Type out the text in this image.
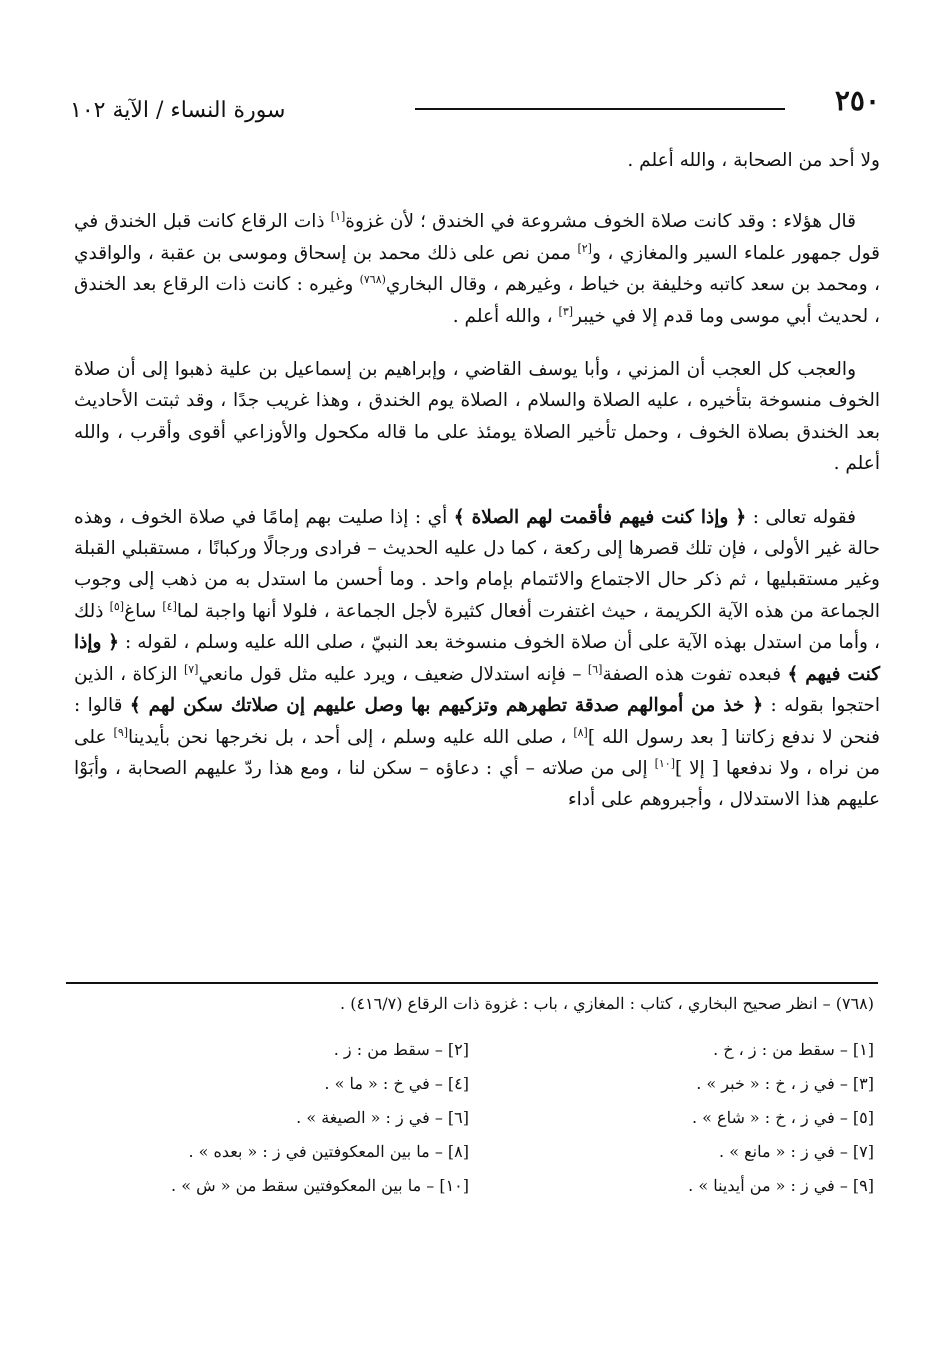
٢٥٠
سورة النساء / الآية ١٠٢

ولا أحد من الصحابة ، والله أعلم .

قال هؤلاء : وقد كانت صلاة الخوف مشروعة في الخندق ؛ لأن غزوة[١] ذات الرقاع كانت قبل الخندق في قول جمهور علماء السير والمغازي ، و[٢] ممن نص على ذلك محمد بن إسحاق وموسى بن عقبة ، والواقدي ، ومحمد بن سعد كاتبه وخليفة بن خياط ، وغيرهم ، وقال البخاري$^{(٧٦٨)}$ وغيره : كانت ذات الرقاع بعد الخندق ، لحديث أبي موسى وما قدم إلا في خيبر[٣] ، والله أعلم .

والعجب كل العجب أن المزني ، وأبا يوسف القاضي ، وإبراهيم بن إسماعيل بن علية ذهبوا إلى أن صلاة الخوف منسوخة بتأخيره ، عليه الصلاة والسلام ، الصلاة يوم الخندق ، وهذا غريب جدًا ، وقد ثبتت الأحاديث بعد الخندق بصلاة الخوف ، وحمل تأخير الصلاة يومئذ على ما قاله مكحول والأوزاعي أقوى وأقرب ، والله أعلم .

فقوله تعالى : ﴿ وإذا كنت فيهم فأقمت لهم الصلاة ﴾ أي : إذا صليت بهم إمامًا في صلاة الخوف ، وهذه حالة غير الأولى ، فإن تلك قصرها إلى ركعة ، كما دل عليه الحديث – فرادى ورجالًا وركبانًا ، مستقبلي القبلة وغير مستقبليها ، ثم ذكر حال الاجتماع والائتمام بإمام واحد . وما أحسن ما استدل به من ذهب إلى وجوب الجماعة من هذه الآية الكريمة ، حيث اغتفرت أفعال كثيرة لأجل الجماعة ، فلولا أنها واجبة لما[٤] ساغ[٥] ذلك ، وأما من استدل بهذه الآية على أن صلاة الخوف منسوخة بعد النبيّ ، صلى الله عليه وسلم ، لقوله : ﴿ وإذا كنت فيهم ﴾ فبعده تفوت هذه الصفة[٦] – فإنه استدلال ضعيف ، ويرد عليه مثل قول مانعي[٧] الزكاة ، الذين احتجوا بقوله : ﴿ خذ من أموالهم صدقة تطهرهم وتزكيهم بها وصل عليهم إن صلاتك سكن لهم ﴾ قالوا : فنحن لا ندفع زكاتنا [ بعد رسول الله ][٨] ، صلى الله عليه وسلم ، إلى أحد ، بل نخرجها نحن بأيدينا[٩] على من نراه ، ولا ندفعها [ إلا ][١٠] إلى من صلاته – أي : دعاؤه – سكن لنا ، ومع هذا ردّ عليهم الصحابة ، وأبَوْا عليهم هذا الاستدلال ، وأجبروهم على أداء

(٧٦٨) – انظر صحيح البخاري ، كتاب : المغازي ، باب : غزوة ذات الرقاع (٤١٦/٧) .
[١] – سقط من : ز ، خ .
[٢] – سقط من : ز .
[٣] – في ز ، خ : « خبر » .
[٤] – في خ : « ما » .
[٥] – في ز ، خ : « شاع » .
[٦] – في ز : « الصيغة » .
[٧] – في ز : « مانع » .
[٨] – ما بين المعكوفتين في ز : « بعده » .
[٩] – في ز : « من أيدينا » .
[١٠] – ما بين المعكوفتين سقط من « ش » .
